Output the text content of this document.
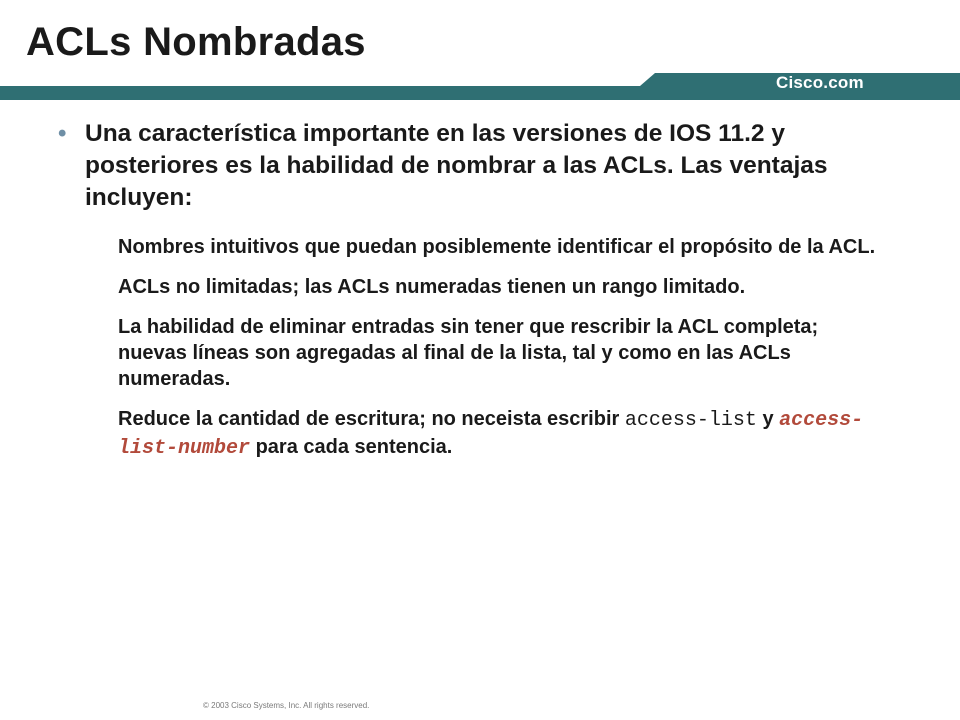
ACLs Nombradas
Cisco.com
• Una característica importante en las versiones de IOS 11.2 y posteriores es la habilidad de nombrar a las ACLs. Las ventajas incluyen:
Nombres intuitivos que puedan posiblemente identificar el propósito de la ACL.
ACLs no limitadas; las ACLs numeradas tienen un rango limitado.
La habilidad de eliminar entradas sin tener que rescribir la ACL completa; nuevas líneas son agregadas al final de la lista, tal y como en las ACLs numeradas.
Reduce la cantidad de escritura; no neceista escribir access-list y access-list-number para cada sentencia.
© 2003 Cisco Systems, Inc. All rights reserved.
